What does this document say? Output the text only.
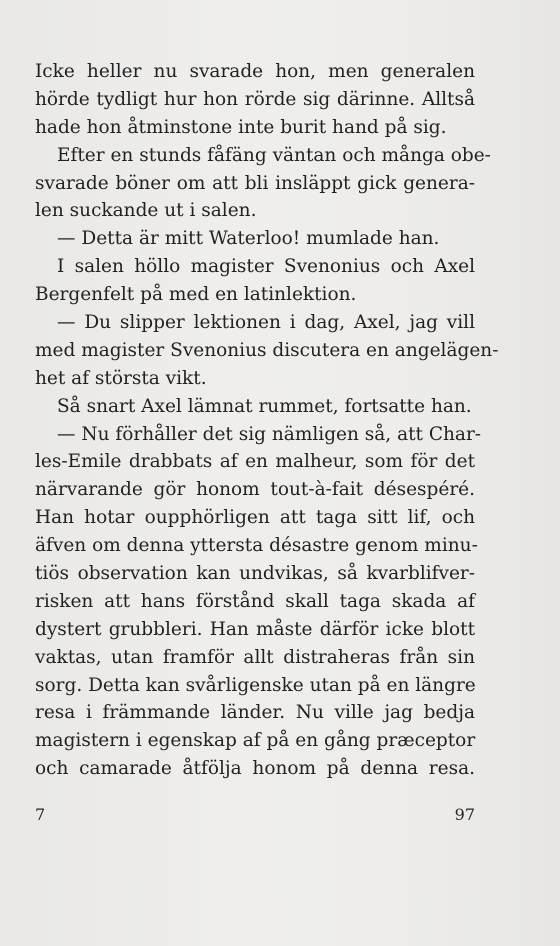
Icke heller nu svarade hon, men generalen
hörde tydligt hur hon rörde sig därinne. Alltså
hade hon åtminstone inte burit hand på sig.
Efter en stunds fåfäng väntan och många obe-
svarade böner om att bli insläppt gick genera-
len suckande ut i salen.
— Detta är mitt Waterloo! mumlade han.
I salen höllo magister Svenonius och Axel
Bergenfelt på med en latinlektion.
— Du slipper lektionen i dag, Axel, jag vill
med magister Svenonius discutera en angelägen-
het af största vikt.
Så snart Axel lämnat rummet, fortsatte han.
— Nu förhåller det sig nämligen så, att Char-
les-Emile drabbats af en malheur, som för det
närvarande gör honom tout-à-fait désespéré.
Han hotar oupphörligen att taga sitt lif, och
äfven om denna yttersta désastre genom minu-
tiös observation kan undvikas, så kvarblifver-
risken att hans förstånd skall taga skada af
dystert grubbleri. Han måste därför icke blott
vaktas, utan framför allt distraheras från sin
sorg. Detta kan svårligenske utan på en längre
resa i främmande länder. Nu ville jag bedja
magistern i egenskap af på en gång præceptor
och camarade åtfölja honom på denna resa.
7	97
